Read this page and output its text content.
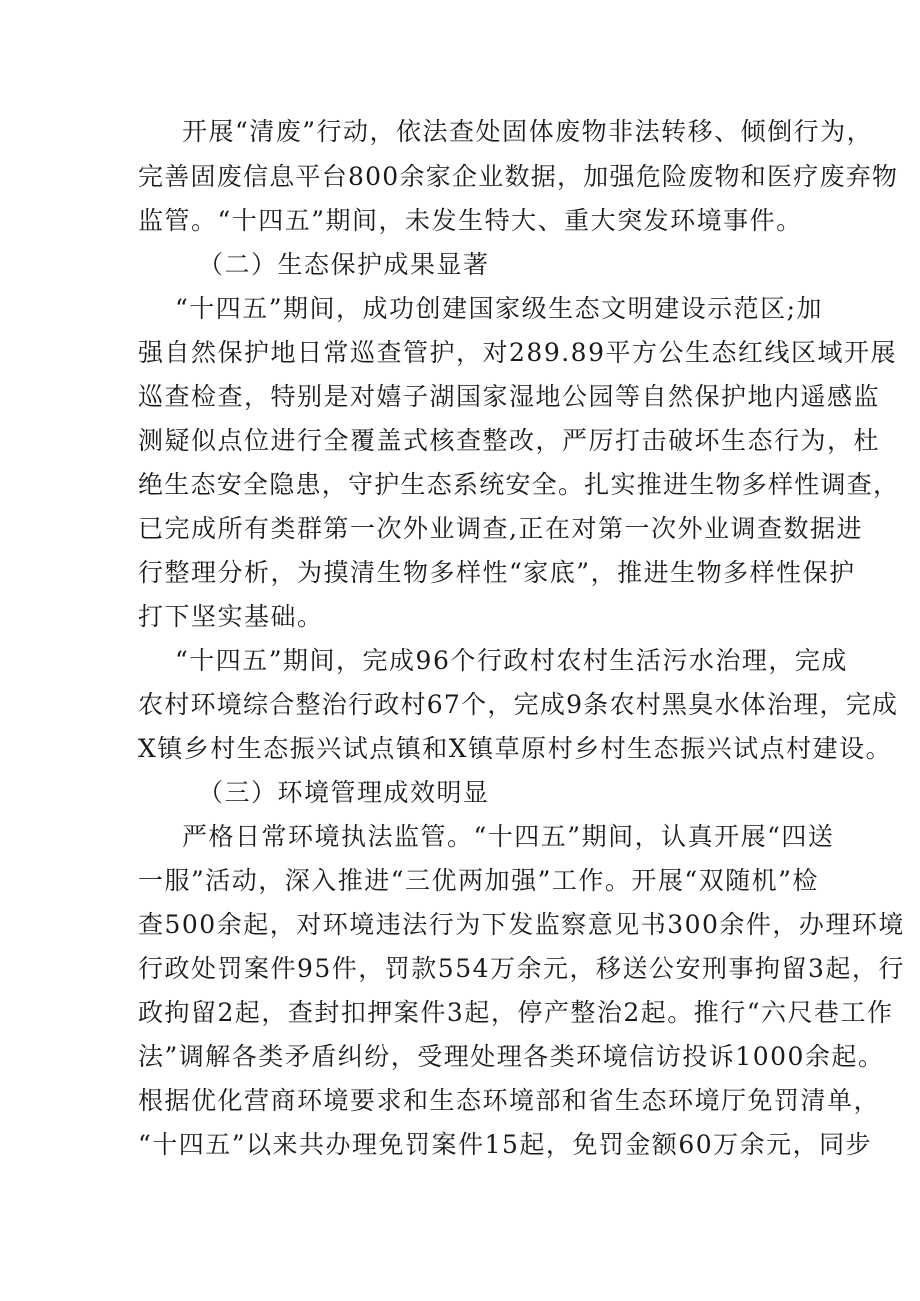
开展“清废”行动，依法查处固体废物非法转移、倾倒行为，
完善固废信息平台800余家企业数据，加强危险废物和医疗废弃物
监管。“十四五”期间，未发生特大、重大突发环境事件。
（二）生态保护成果显著
“十四五”期间，成功创建国家级生态文明建设示范区;加
强自然保护地日常巡查管护，对289.89平方公生态红线区域开展
巡查检查，特别是对嬉子湖国家湿地公园等自然保护地内遥感监
测疑似点位进行全覆盖式核查整改，严厉打击破坏生态行为，杜
绝生态安全隐患，守护生态系统安全。扎实推进生物多样性调查，
已完成所有类群第一次外业调查,正在对第一次外业调查数据进
行整理分析，为摸清生物多样性“家底”，推进生物多样性保护
打下坚实基础。
“十四五”期间，完成96个行政村农村生活污水治理，完成
农村环境综合整治行政村67个，完成9条农村黑臭水体治理，完成
X镇乡村生态振兴试点镇和X镇草原村乡村生态振兴试点村建设。
（三）环境管理成效明显
严格日常环境执法监管。“十四五”期间，认真开展“四送
一服”活动，深入推进“三优两加强”工作。开展“双随机”检
查500余起，对环境违法行为下发监察意见书300余件，办理环境
行政处罚案件95件，罚款554万余元，移送公安刑事拘留3起，行
政拘留2起，查封扣押案件3起，停产整治2起。推行“六尺巷工作
法”调解各类矛盾纠纷，受理处理各类环境信访投诉1000余起。
根据优化营商环境要求和生态环境部和省生态环境厅免罚清单，
“十四五”以来共办理免罚案件15起，免罚金额60万余元，同步
